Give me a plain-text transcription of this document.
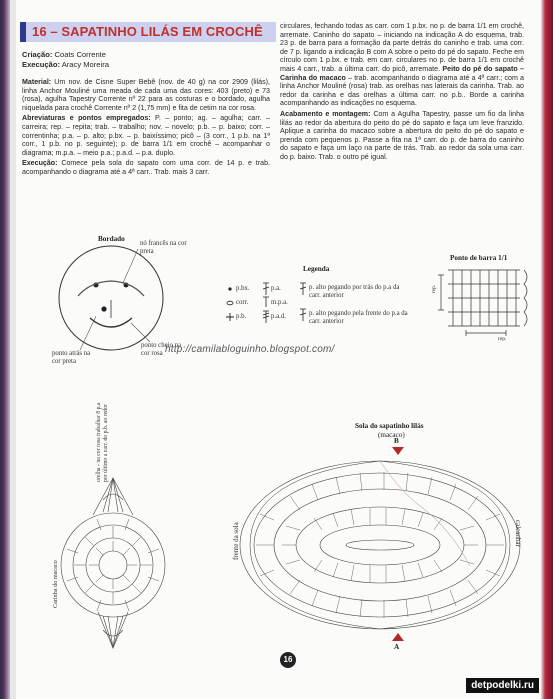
16 – SAPATINHO LILÁS EM CROCHÊ
Criação: Coats Corrente
Execução: Aracy Moreira

Material: Um nov. de Cisne Super Bebê (nov. de 40 g) na cor 2909 (lilás), linha Anchor Mouliné uma meada de cada uma das cores: 403 (preto) e 73 (rosa), agulha Tapestry Corrente nº 22 para as costuras e o bordado, agulha niquelada para crochê Corrente nº 2 (1,75 mm) e fita de cetim na cor rosa.

Abreviaturas e pontos empregados: P. – ponto; ag. – agulha; carr. – carreira; rep. – repita; trab. – trabalho; nov. – novelo; p.b. – p. baixo; corr. – correntinha; p.a. – p. alto; p.bx. – p. baixíssimo; picô – (3 corr., 1 p.b. na 1ª corr., 1 p.b. no p. seguinte); p. de barra 1/1 em crochê – acompanhar o diagrama; m.p.a. – meio p.a.; p.a.d. – p.a. duplo.

Execução: Comece pela sola do sapato com uma corr. de 14 p. e trab. acompanhando o diagrama até a 4ª carr.. Trab. mais 3 carr.

circulares, fechando todas as carr. com 1 p.bx. no p. de barra 1/1 em crochê, arremate. Caninho do sapato – iniciando na indicação A do esquema, trab. 23 p. de barra para a formação da parte detrás do caninho e trab. uma corr. de 7 p. ligando a indicação B com A sobre o peito do pé do sapato. Feche em círculo com 1 p.bx. e trab. em carr. circulares no p. de barra 1/1 em crochê mais 4 carr., trab. a última carr. do picô, arremate. Peito do pé do sapato – Carinha do macaco – trab. acompanhando o diagrama até a 4ª carr.; com a linha Anchor Mouliné (rosa) trab. as orelhas nas laterais da carinha. Trab. ao redor da carinha e das orelhas a última carr. no p.b.. Borde a carinha acompanhando as indicações no esquema.

Acabamento e montagem: Com a Agulha Tapestry, passe um fio da linha lilás ao redor da abertura do peito do pé do sapato e faça um leve franzido. Aplique a carinha do macaco sobre a abertura do peito do pé do sapato e prenda com pequenos p. Passe a fita na 1ª carr. do p. de barra do caninho do sapato e faça um laço na parte de trás. Trab. ao redor da sola uma carr. do p. baixo. Trab. o outro pé igual.

Bordado
nó francês na cor preta
ponto atrás na cor preta
ponto cheio na cor rosa
Legenda
p.bx.
corr.
p.b.
p.a.
m.p.a.
p.a.d.
p. alto pegando por trás do p.a da carr. anterior
p. alto pegando pela frente do p.a da carr. anterior
Ponto de barra 1/1
rep.
rep.
http://camilabloguinho.blogspot.com/
Carinha do macaco
orelha - na cor rosa trabalhar 8 p.a por último a carr. do p.b. ao redor	Sola do sapatinho lilás
(macaco)
frente da sola	calcanhar
B
A
16
detpodelki.ru
